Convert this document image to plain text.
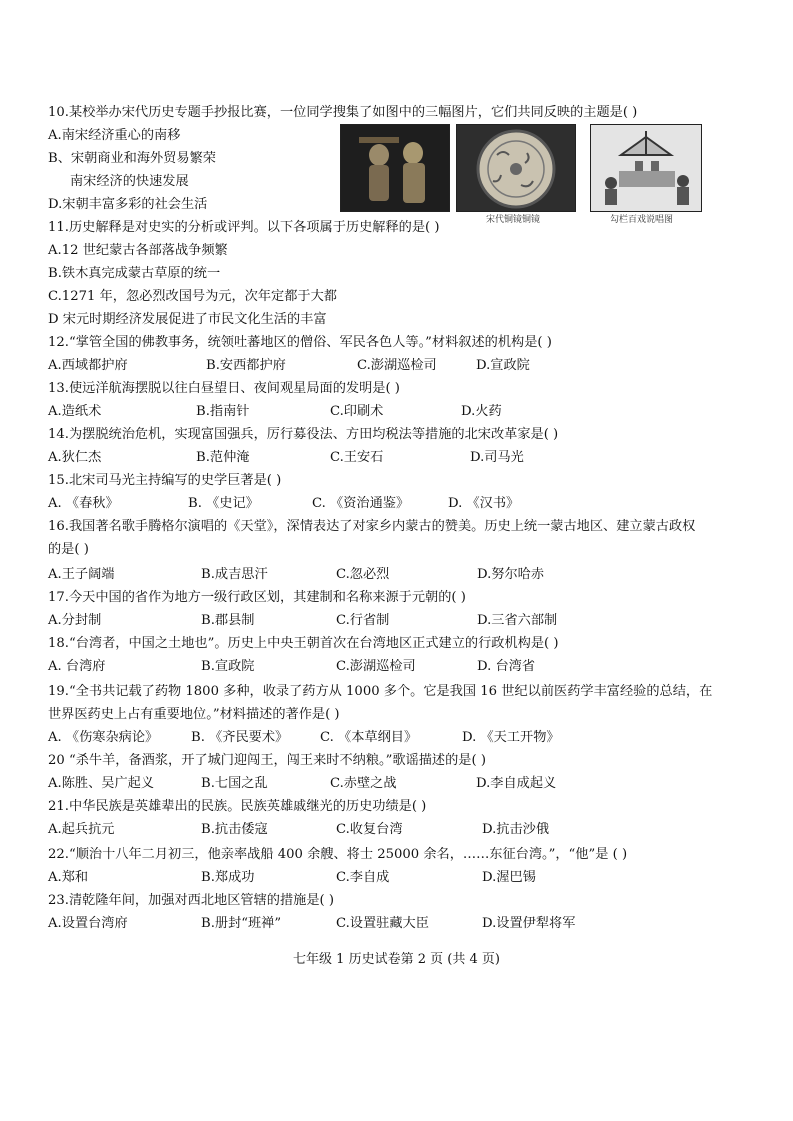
10.某校举办宋代历史专题手抄报比赛，一位同学搜集了如图中的三幅图片，它们共同反映的主题是( )
A.南宋经济重心的南移
B、宋朝商业和海外贸易繁荣
南宋经济的快速发展
D.宋朝丰富多彩的社会生活
宋代铜镜铜镜	勾栏百戏说唱图
11.历史解释是对史实的分析或评判。以下各项属于历史解释的是( )
A.12 世纪蒙古各部落战争频繁
B.铁木真完成蒙古草原的统一
C.1271 年，忽必烈改国号为元，次年定都于大都
D 宋元时期经济发展促进了市民文化生活的丰富
12.“掌管全国的佛教事务，统领吐蕃地区的僧俗、军民各色人等。”材料叙述的机构是( )
A.西域都护府	B.安西都护府	C.澎湖巡检司	D.宣政院
13.使远洋航海摆脱以往白昼望日、夜间观星局面的发明是( )
A.造纸术	B.指南针	C.印刷术	D.火药
14.为摆脱统治危机，实现富国强兵，厉行募役法、方田均税法等措施的北宋改革家是( )
A.狄仁杰	B.范仲淹	C.王安石	D.司马光
15.北宋司马光主持编写的史学巨著是( )
A. 《春秋》	B. 《史记》	C. 《资治通鉴》	D. 《汉书》
16.我国著名歌手腾格尔演唱的《天堂》，深情表达了对家乡内蒙古的赞美。历史上统一蒙古地区、建立蒙古政权
的是( )
A.王子阔端	B.成吉思汗	C.忽必烈	D.努尔哈赤
17.今天中国的省作为地方一级行政区划，其建制和名称来源于元朝的( )
A.分封制	B.郡县制	C.行省制	D.三省六部制
18.“台湾者，中国之土地也”。历史上中央王朝首次在台湾地区正式建立的行政机构是( )
A. 台湾府	B.宣政院	C.澎湖巡检司	D. 台湾省
19.“全书共记载了药物 1800 多种，收录了药方从 1000 多个。它是我国 16 世纪以前医药学丰富经验的总结，在
世界医药史上占有重要地位。”材料描述的著作是( )
A. 《伤寒杂病论》 B. 《齐民要术》 C. 《本草纲目》	D. 《天工开物》
20 “杀牛羊，备酒浆，开了城门迎闯王，闯王来时不纳粮。”歌谣描述的是( )
A.陈胜、吴广起义	B.七国之乱	C.赤壁之战	D.李自成起义
21.中华民族是英雄辈出的民族。民族英雄戚继光的历史功绩是( )
A.起兵抗元	B.抗击倭寇	C.收复台湾	D.抗击沙俄
22.“顺治十八年二月初三，他亲率战船 400 余艘、将士 25000 余名，……东征台湾。”，“他”是 ( )
A.郑和	B.郑成功	C.李自成	D.渥巴锡
23.清乾隆年间，加强对西北地区管辖的措施是( )
A.设置台湾府	B.册封“班禅”	C.设置驻藏大臣	D.设置伊犁将军
七年级 1 历史试卷第 2 页 (共 4 页)
